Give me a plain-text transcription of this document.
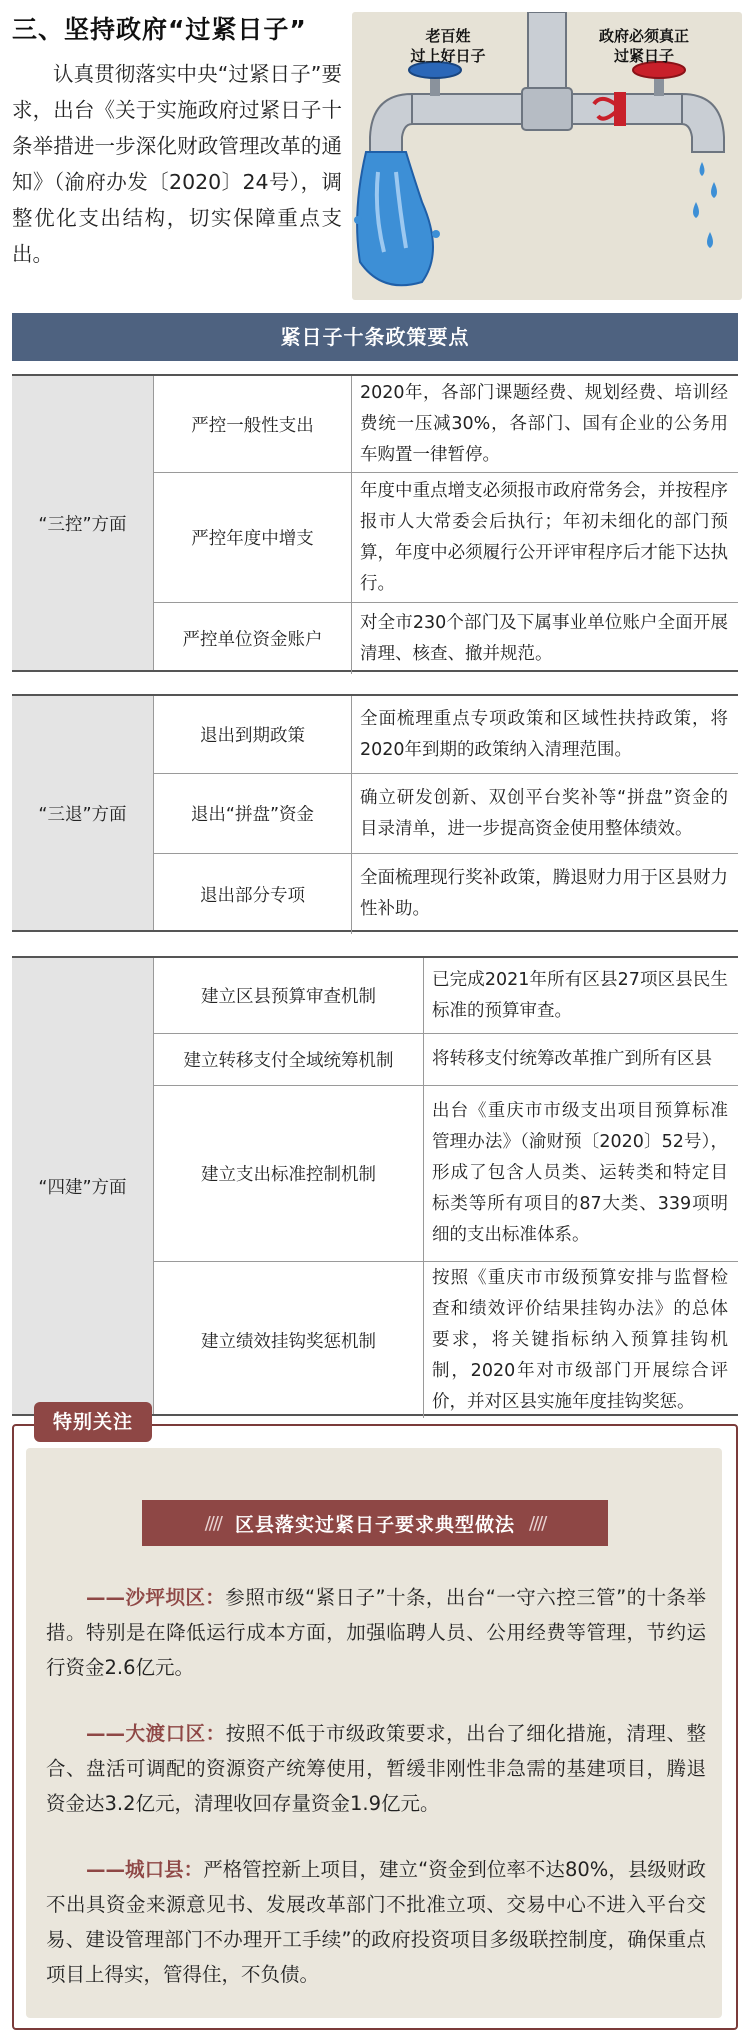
三、坚持政府“过紧日子”
认真贯彻落实中央“过紧日子”要求，出台《关于实施政府过紧日子十条举措进一步深化财政管理改革的通知》（渝府办发〔2020〕24号），调整优化支出结构，切实保障重点支出。
老百姓
过上好日子
政府必须真正
过紧日子
紧日子十条政策要点
“三控”方面
严控一般性支出
2020年，各部门课题经费、规划经费、培训经费统一压减30%，各部门、国有企业的公务用车购置一律暂停。
严控年度中增支
年度中重点增支必须报市政府常务会，并按程序报市人大常委会后执行；年初未细化的部门预算，年度中必须履行公开评审程序后才能下达执行。
严控单位资金账户
对全市230个部门及下属事业单位账户全面开展清理、核查、撤并规范。
“三退”方面
退出到期政策
全面梳理重点专项政策和区域性扶持政策，将2020年到期的政策纳入清理范围。
退出“拼盘”资金
确立研发创新、双创平台奖补等“拼盘”资金的目录清单，进一步提高资金使用整体绩效。
退出部分专项
全面梳理现行奖补政策，腾退财力用于区县财力性补助。
“四建”方面
建立区县预算审查机制
已完成2021年所有区县27项区县民生标准的预算审查。
建立转移支付全域统筹机制	将转移支付统筹改革推广到所有区县
建立支出标准控制机制
出台《重庆市市级支出项目预算标准管理办法》（渝财预〔2020〕52号），形成了包含人员类、运转类和特定目标类等所有项目的87大类、339项明细的支出标准体系。
建立绩效挂钩奖惩机制
按照《重庆市市级预算安排与监督检查和绩效评价结果挂钩办法》的总体要求，将关键指标纳入预算挂钩机制，2020年对市级部门开展综合评价，并对区县实施年度挂钩奖惩。
特别关注
//// 区县落实过紧日子要求典型做法 ////
——沙坪坝区：参照市级“紧日子”十条，出台“一守六控三管”的十条举措。特别是在降低运行成本方面，加强临聘人员、公用经费等管理，节约运行资金2.6亿元。
——大渡口区：按照不低于市级政策要求，出台了细化措施，清理、整合、盘活可调配的资源资产统筹使用，暂缓非刚性非急需的基建项目，腾退资金达3.2亿元，清理收回存量资金1.9亿元。
——城口县：严格管控新上项目，建立“资金到位率不达80%，县级财政不出具资金来源意见书、发展改革部门不批准立项、交易中心不进入平台交易、建设管理部门不办理开工手续”的政府投资项目多级联控制度，确保重点项目上得实，管得住，不负债。
